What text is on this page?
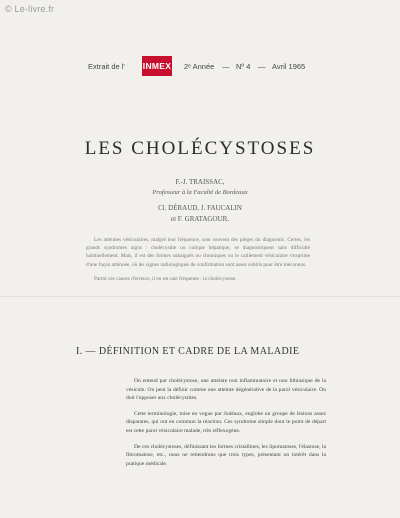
© Le-livre.fr
Extrait de l' INMEX 2ᵉ Année — Nº 4 — Avril 1965
LES CHOLÉCYSTOSES
F.-J. TRAISSAC,
Professeur à la Faculté de Bordeaux
Cl. DÉRAUD, J. FAUCALIN
et F. GRATAGOUR.

Les atteintes vésiculaires, malgré leur fréquence, sont souvent des pièges du diagnostic. Certes, les grands syndromes aigus : cholécystite ou colique hépatique, se diagnostiquent sans difficulté habituellement. Mais, il est des formes subaiguës ou chroniques ou le caillement vésiculaire s'exprime d'une façon atténuée, où les signes radiologiques de confirmation sont assez subtils pour être méconnus.

Parmi ces causes d'erreurs, il en est une fréquente : la cholécystose.

I. — DÉFINITION ET CADRE DE LA MALADIE

On entend par cholécystose, une atteinte non inflammatoire et non lithiasique de la vésicule. On peut la définir comme une atteinte dégénérative de la paroi vésiculaire. On doit l'opposer aux cholécystites.

Cette terminologie, mise en vogue par Judéaux, englobe un groupe de lésions assez disparates, qui ont en commun la réaction. Ces syndrome simple dont le point de départ est cette paroi vésiculaire malade, très réflexogène.

De ces cholécystoses, définissant les formes cristallines, les lipomatoses, l'élastose, la fibromatose, etc., nous ne retiendrons que trois types, présentant un intérêt dans la pratique médicale.
